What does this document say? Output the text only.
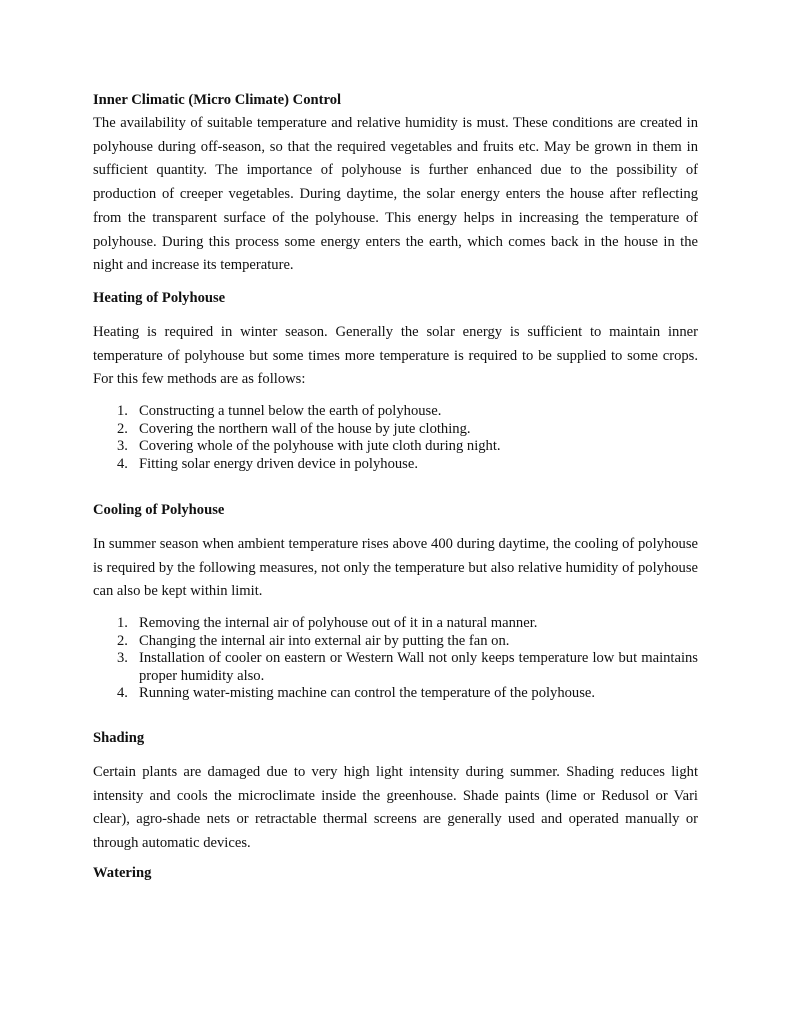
Inner Climatic (Micro Climate) Control

The availability of suitable temperature and relative humidity is must. These conditions are created in polyhouse during off-season, so that the required vegetables and fruits etc. May be grown in them in sufficient quantity. The importance of polyhouse is further enhanced due to the possibility of production of creeper vegetables. During daytime, the solar energy enters the house after reflecting from the transparent surface of the polyhouse. This energy helps in increasing the temperature of polyhouse. During this process some energy enters the earth, which comes back in the house in the night and increase its temperature.

Heating of Polyhouse

Heating is required in winter season. Generally the solar energy is sufficient to maintain inner temperature of polyhouse but some times more temperature is required to be supplied to some crops. For this few methods are as follows:

1. Constructing a tunnel below the earth of polyhouse.
2. Covering the northern wall of the house by jute clothing.
3. Covering whole of the polyhouse with jute cloth during night.
4. Fitting solar energy driven device in polyhouse.
Cooling of Polyhouse

In summer season when ambient temperature rises above 400 during daytime, the cooling of polyhouse is required by the following measures, not only the temperature but also relative humidity of polyhouse can also be kept within limit.

1. Removing the internal air of polyhouse out of it in a natural manner.
2. Changing the internal air into external air by putting the fan on.
3. Installation of cooler on eastern or Western Wall not only keeps temperature low but maintains proper humidity also.
4. Running water-misting machine can control the temperature of the polyhouse.
Shading

Certain plants are damaged due to very high light intensity during summer. Shading reduces light intensity and cools the microclimate inside the greenhouse. Shade paints (lime or Redusol or Vari clear), agro-shade nets or retractable thermal screens are generally used and operated manually or through automatic devices.

Watering
